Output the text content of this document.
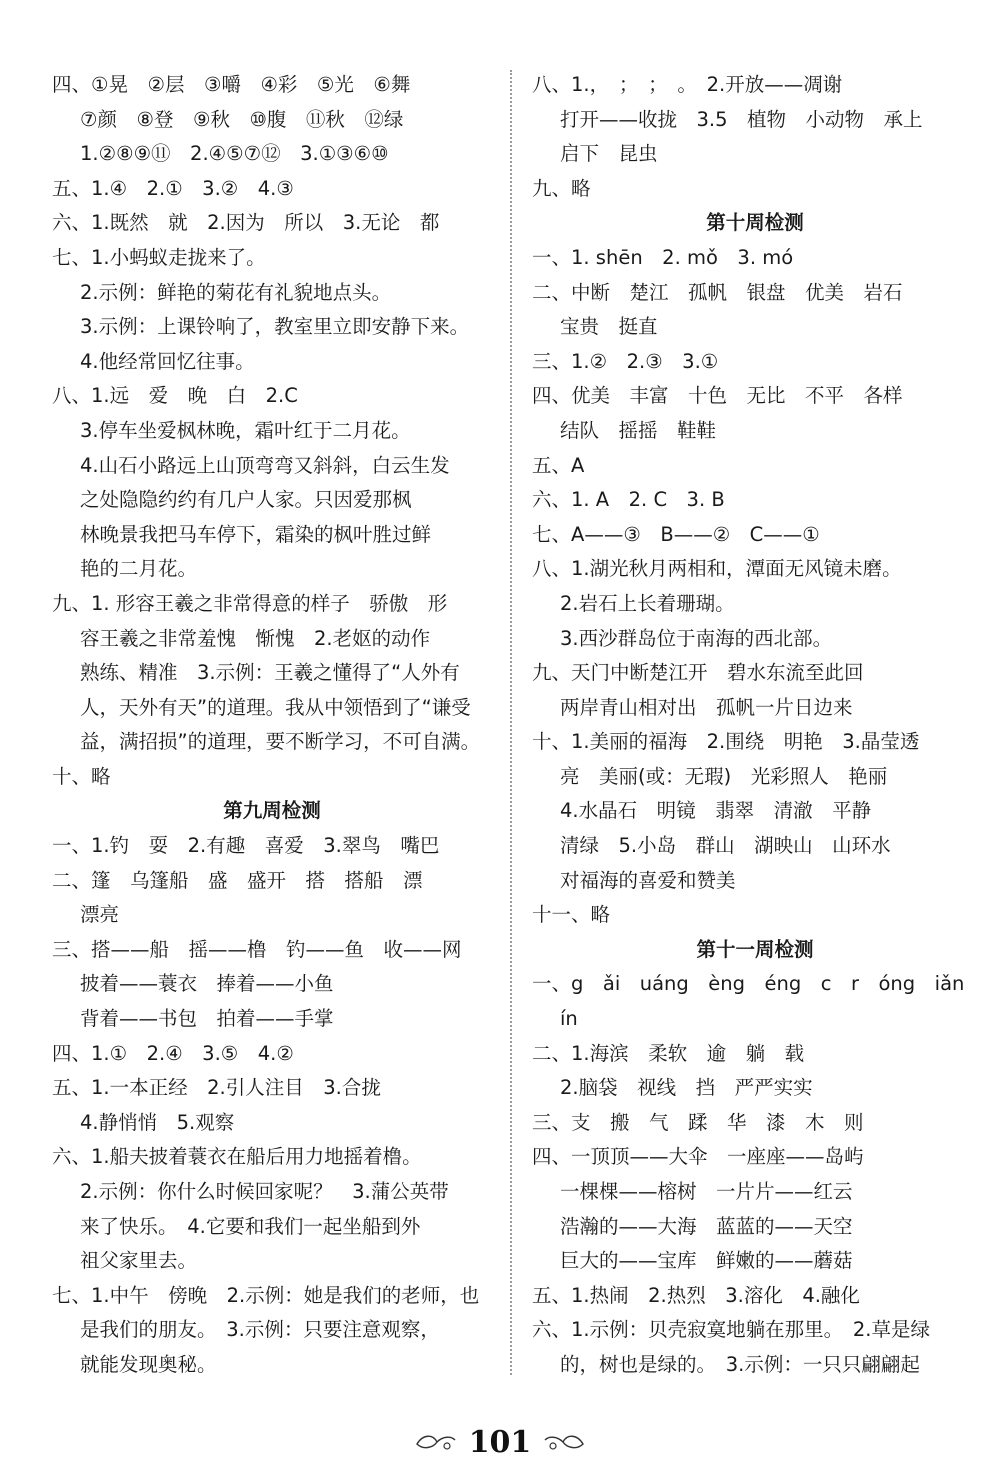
四、①晃　②层　③嚼　④彩　⑤光　⑥舞
⑦颜　⑧登　⑨秋　⑩腹　⑪秋　⑫绿
1.②⑧⑨⑪　2.④⑤⑦⑫　3.①③⑥⑩
五、1.④　2.①　3.②　4.③
六、1.既然　就　2.因为　所以　3.无论　都
七、1.小蚂蚁走拢来了。
2.示例：鲜艳的菊花有礼貌地点头。
3.示例：上课铃响了，教室里立即安静下来。
4.他经常回忆往事。
八、1.远　爱　晚　白　2.C
3.停车坐爱枫林晚，霜叶红于二月花。
4.山石小路远上山顶弯弯又斜斜，白云生发
之处隐隐约约有几户人家。只因爱那枫
林晚景我把马车停下，霜染的枫叶胜过鲜
艳的二月花。
九、1. 形容王羲之非常得意的样子　骄傲　形
容王羲之非常羞愧　惭愧　2.老妪的动作
熟练、精准　3.示例：王羲之懂得了“人外有
人，天外有天”的道理。我从中领悟到了“谦受
益，满招损”的道理，要不断学习，不可自满。
十、略
第九周检测
一、1.钓　耍　2.有趣　喜爱　3.翠鸟　嘴巴
二、篷　乌篷船　盛　盛开　搭　搭船　漂
漂亮
三、搭——船　摇——橹　钓——鱼　收——网
披着——蓑衣　捧着——小鱼
背着——书包　拍着——手掌
四、1.①　2.④　3.⑤　4.②
五、1.一本正经　2.引人注目　3.合拢
4.静悄悄　5.观察
六、1.船夫披着蓑衣在船后用力地摇着橹。
2.示例：你什么时候回家呢？　3.蒲公英带
来了快乐。　4.它要和我们一起坐船到外
祖父家里去。
七、1.中午　傍晚　2.示例：她是我们的老师，也
是我们的朋友。　3.示例：只要注意观察，
就能发现奥秘。
八、1.，　；　；　。　2.开放——凋谢
打开——收拢　3.5　植物　小动物　承上
启下　昆虫
九、略
第十周检测
一、1. shēn　2. mǒ　3. mó
二、中断　楚江　孤帆　银盘　优美　岩石
宝贵　挺直
三、1.②　2.③　3.①
四、优美　丰富　十色　无比　不平　各样
结队　摇摇　鞋鞋
五、A
六、1. A　2. C　3. B
七、A——③　B——②　C——①
八、1.湖光秋月两相和，潭面无风镜未磨。
2.岩石上长着珊瑚。
3.西沙群岛位于南海的西北部。
九、天门中断楚江开　碧水东流至此回
两岸青山相对出　孤帆一片日边来
十、1.美丽的福海　2.围绕　明艳　3.晶莹透
亮　美丽(或：无瑕)　光彩照人　艳丽
4.水晶石　明镜　翡翠　清澈　平静
清绿　5.小岛　群山　湖映山　山环水
对福海的喜爱和赞美
十一、略
第十一周检测
一、g　ǎi　uáng　èng　éng　c　r　óng　iǎn
ín
二、1.海滨　柔软　逾　躺　载
2.脑袋　视线　挡　严严实实
三、支　搬　气　蹂　华　漆　木　则
四、一顶顶——大伞　一座座——岛屿
一棵棵——榕树　一片片——红云
浩瀚的——大海　蓝蓝的——天空
巨大的——宝库　鲜嫩的——蘑菇
五、1.热闹　2.热烈　3.溶化　4.融化
六、1.示例：贝壳寂寞地躺在那里。　2.草是绿
的，树也是绿的。　3.示例：一只只翩翩起
101
